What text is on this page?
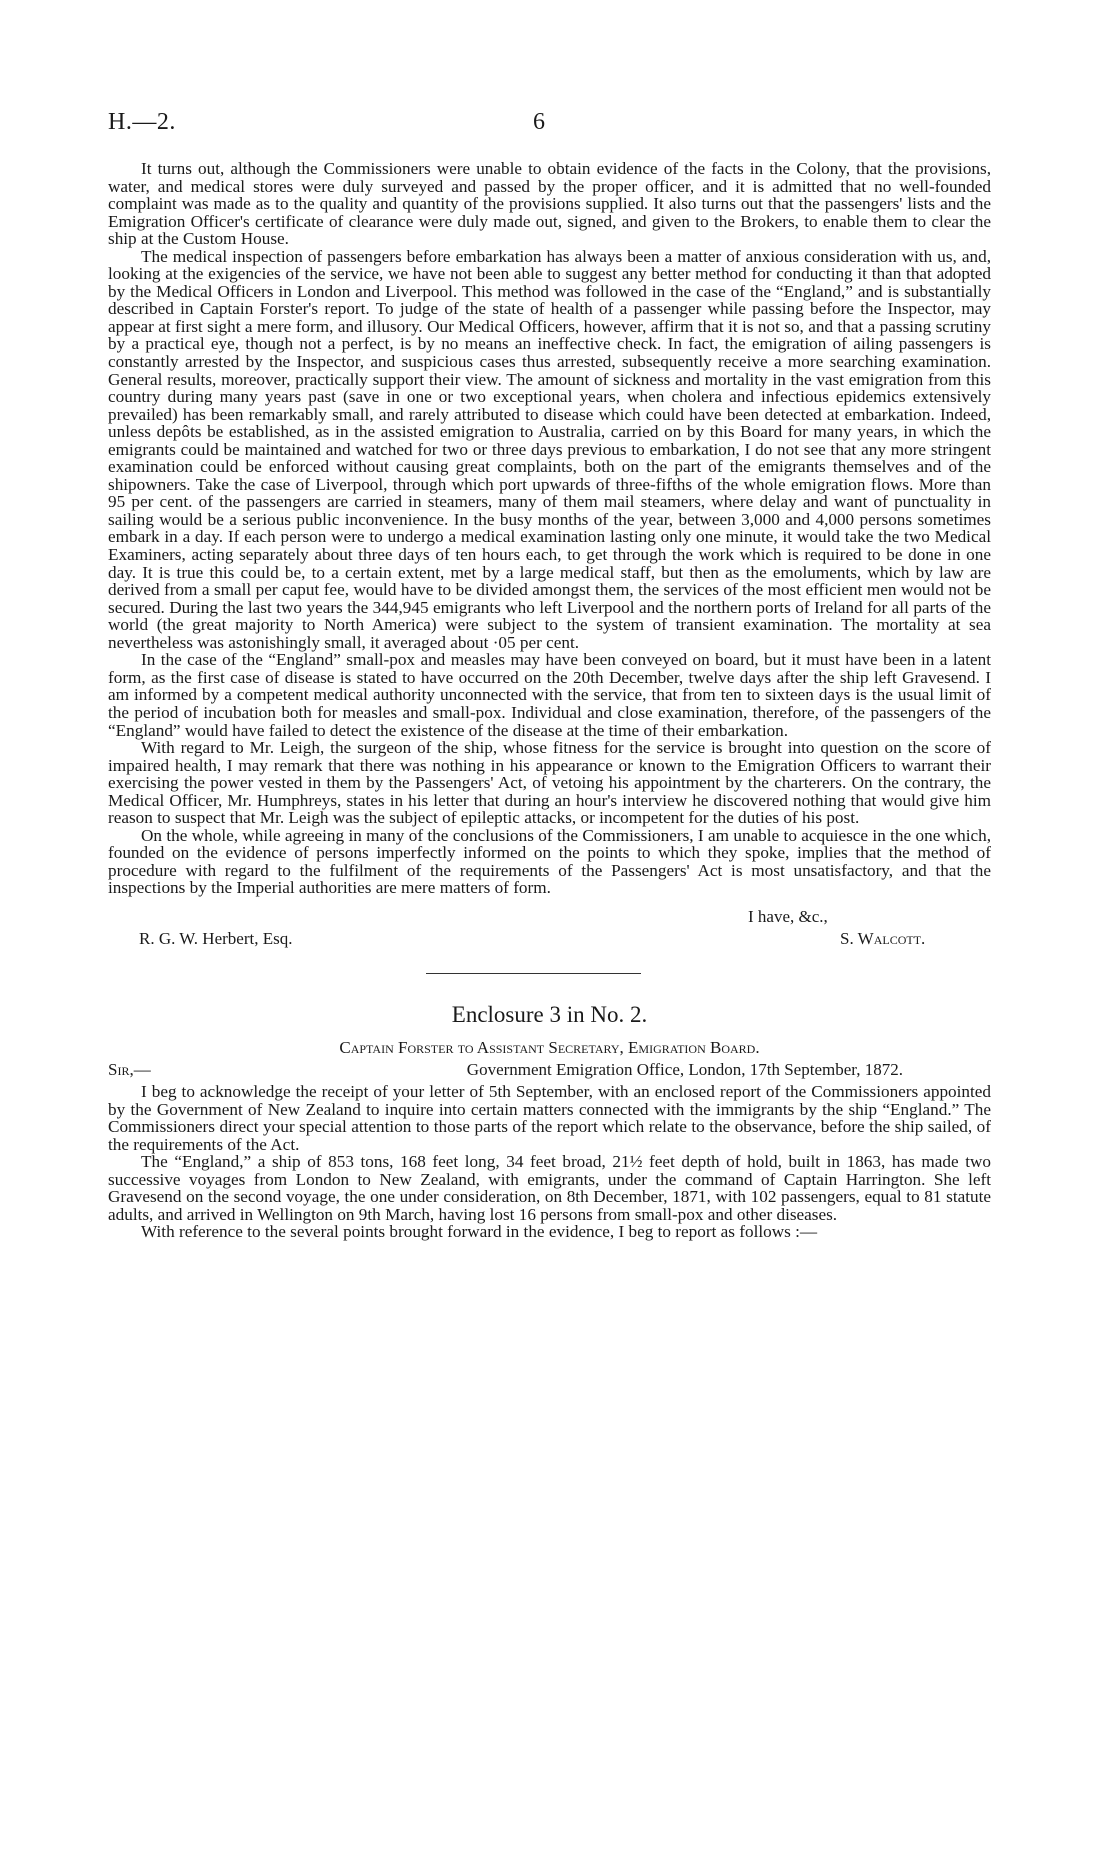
H.—2.	6

It turns out, although the Commissioners were unable to obtain evidence of the facts in the Colony, that the provisions, water, and medical stores were duly surveyed and passed by the proper officer, and it is admitted that no well-founded complaint was made as to the quality and quantity of the provisions supplied. It also turns out that the passengers' lists and the Emigration Officer's certificate of clearance were duly made out, signed, and given to the Brokers, to enable them to clear the ship at the Custom House.

The medical inspection of passengers before embarkation has always been a matter of anxious consideration with us, and, looking at the exigencies of the service, we have not been able to suggest any better method for conducting it than that adopted by the Medical Officers in London and Liverpool. This method was followed in the case of the “England,” and is substantially described in Captain Forster's report. To judge of the state of health of a passenger while passing before the Inspector, may appear at first sight a mere form, and illusory. Our Medical Officers, however, affirm that it is not so, and that a passing scrutiny by a practical eye, though not a perfect, is by no means an ineffective check. In fact, the emigration of ailing passengers is constantly arrested by the Inspector, and suspicious cases thus arrested, subsequently receive a more searching examination. General results, moreover, practically support their view. The amount of sickness and mortality in the vast emigration from this country during many years past (save in one or two exceptional years, when cholera and infectious epidemics extensively prevailed) has been remarkably small, and rarely attributed to disease which could have been detected at embarkation. Indeed, unless depôts be established, as in the assisted emigration to Australia, carried on by this Board for many years, in which the emigrants could be maintained and watched for two or three days previous to embarkation, I do not see that any more stringent examination could be enforced without causing great complaints, both on the part of the emigrants themselves and of the shipowners. Take the case of Liverpool, through which port upwards of three-fifths of the whole emigration flows. More than 95 per cent. of the passengers are carried in steamers, many of them mail steamers, where delay and want of punctuality in sailing would be a serious public inconvenience. In the busy months of the year, between 3,000 and 4,000 persons sometimes embark in a day. If each person were to undergo a medical examination lasting only one minute, it would take the two Medical Examiners, acting separately about three days of ten hours each, to get through the work which is required to be done in one day. It is true this could be, to a certain extent, met by a large medical staff, but then as the emoluments, which by law are derived from a small per caput fee, would have to be divided amongst them, the services of the most efficient men would not be secured. During the last two years the 344,945 emigrants who left Liverpool and the northern ports of Ireland for all parts of the world (the great majority to North America) were subject to the system of transient examination. The mortality at sea nevertheless was astonishingly small, it averaged about ·05 per cent.

In the case of the “England” small-pox and measles may have been conveyed on board, but it must have been in a latent form, as the first case of disease is stated to have occurred on the 20th December, twelve days after the ship left Gravesend. I am informed by a competent medical authority unconnected with the service, that from ten to sixteen days is the usual limit of the period of incubation both for measles and small-pox. Individual and close examination, therefore, of the passengers of the “England” would have failed to detect the existence of the disease at the time of their embarkation.

With regard to Mr. Leigh, the surgeon of the ship, whose fitness for the service is brought into question on the score of impaired health, I may remark that there was nothing in his appearance or known to the Emigration Officers to warrant their exercising the power vested in them by the Passengers' Act, of vetoing his appointment by the charterers. On the contrary, the Medical Officer, Mr. Humphreys, states in his letter that during an hour's interview he discovered nothing that would give him reason to suspect that Mr. Leigh was the subject of epileptic attacks, or incompetent for the duties of his post.

On the whole, while agreeing in many of the conclusions of the Commissioners, I am unable to acquiesce in the one which, founded on the evidence of persons imperfectly informed on the points to which they spoke, implies that the method of procedure with regard to the fulfilment of the requirements of the Passengers' Act is most unsatisfactory, and that the inspections by the Imperial authorities are mere matters of form.

I have, &c.,
R. G. W. Herbert, Esq.	S. Walcott.
Enclosure 3 in No. 2.
Captain Forster to Assistant Secretary, Emigration Board.
Sir,—	Government Emigration Office, London, 17th September, 1872.

I beg to acknowledge the receipt of your letter of 5th September, with an enclosed report of the Commissioners appointed by the Government of New Zealand to inquire into certain matters connected with the immigrants by the ship “England.” The Commissioners direct your special attention to those parts of the report which relate to the observance, before the ship sailed, of the requirements of the Act.

The “England,” a ship of 853 tons, 168 feet long, 34 feet broad, 21½ feet depth of hold, built in 1863, has made two successive voyages from London to New Zealand, with emigrants, under the command of Captain Harrington. She left Gravesend on the second voyage, the one under consideration, on 8th December, 1871, with 102 passengers, equal to 81 statute adults, and arrived in Wellington on 9th March, having lost 16 persons from small-pox and other diseases.

With reference to the several points brought forward in the evidence, I beg to report as follows :—
